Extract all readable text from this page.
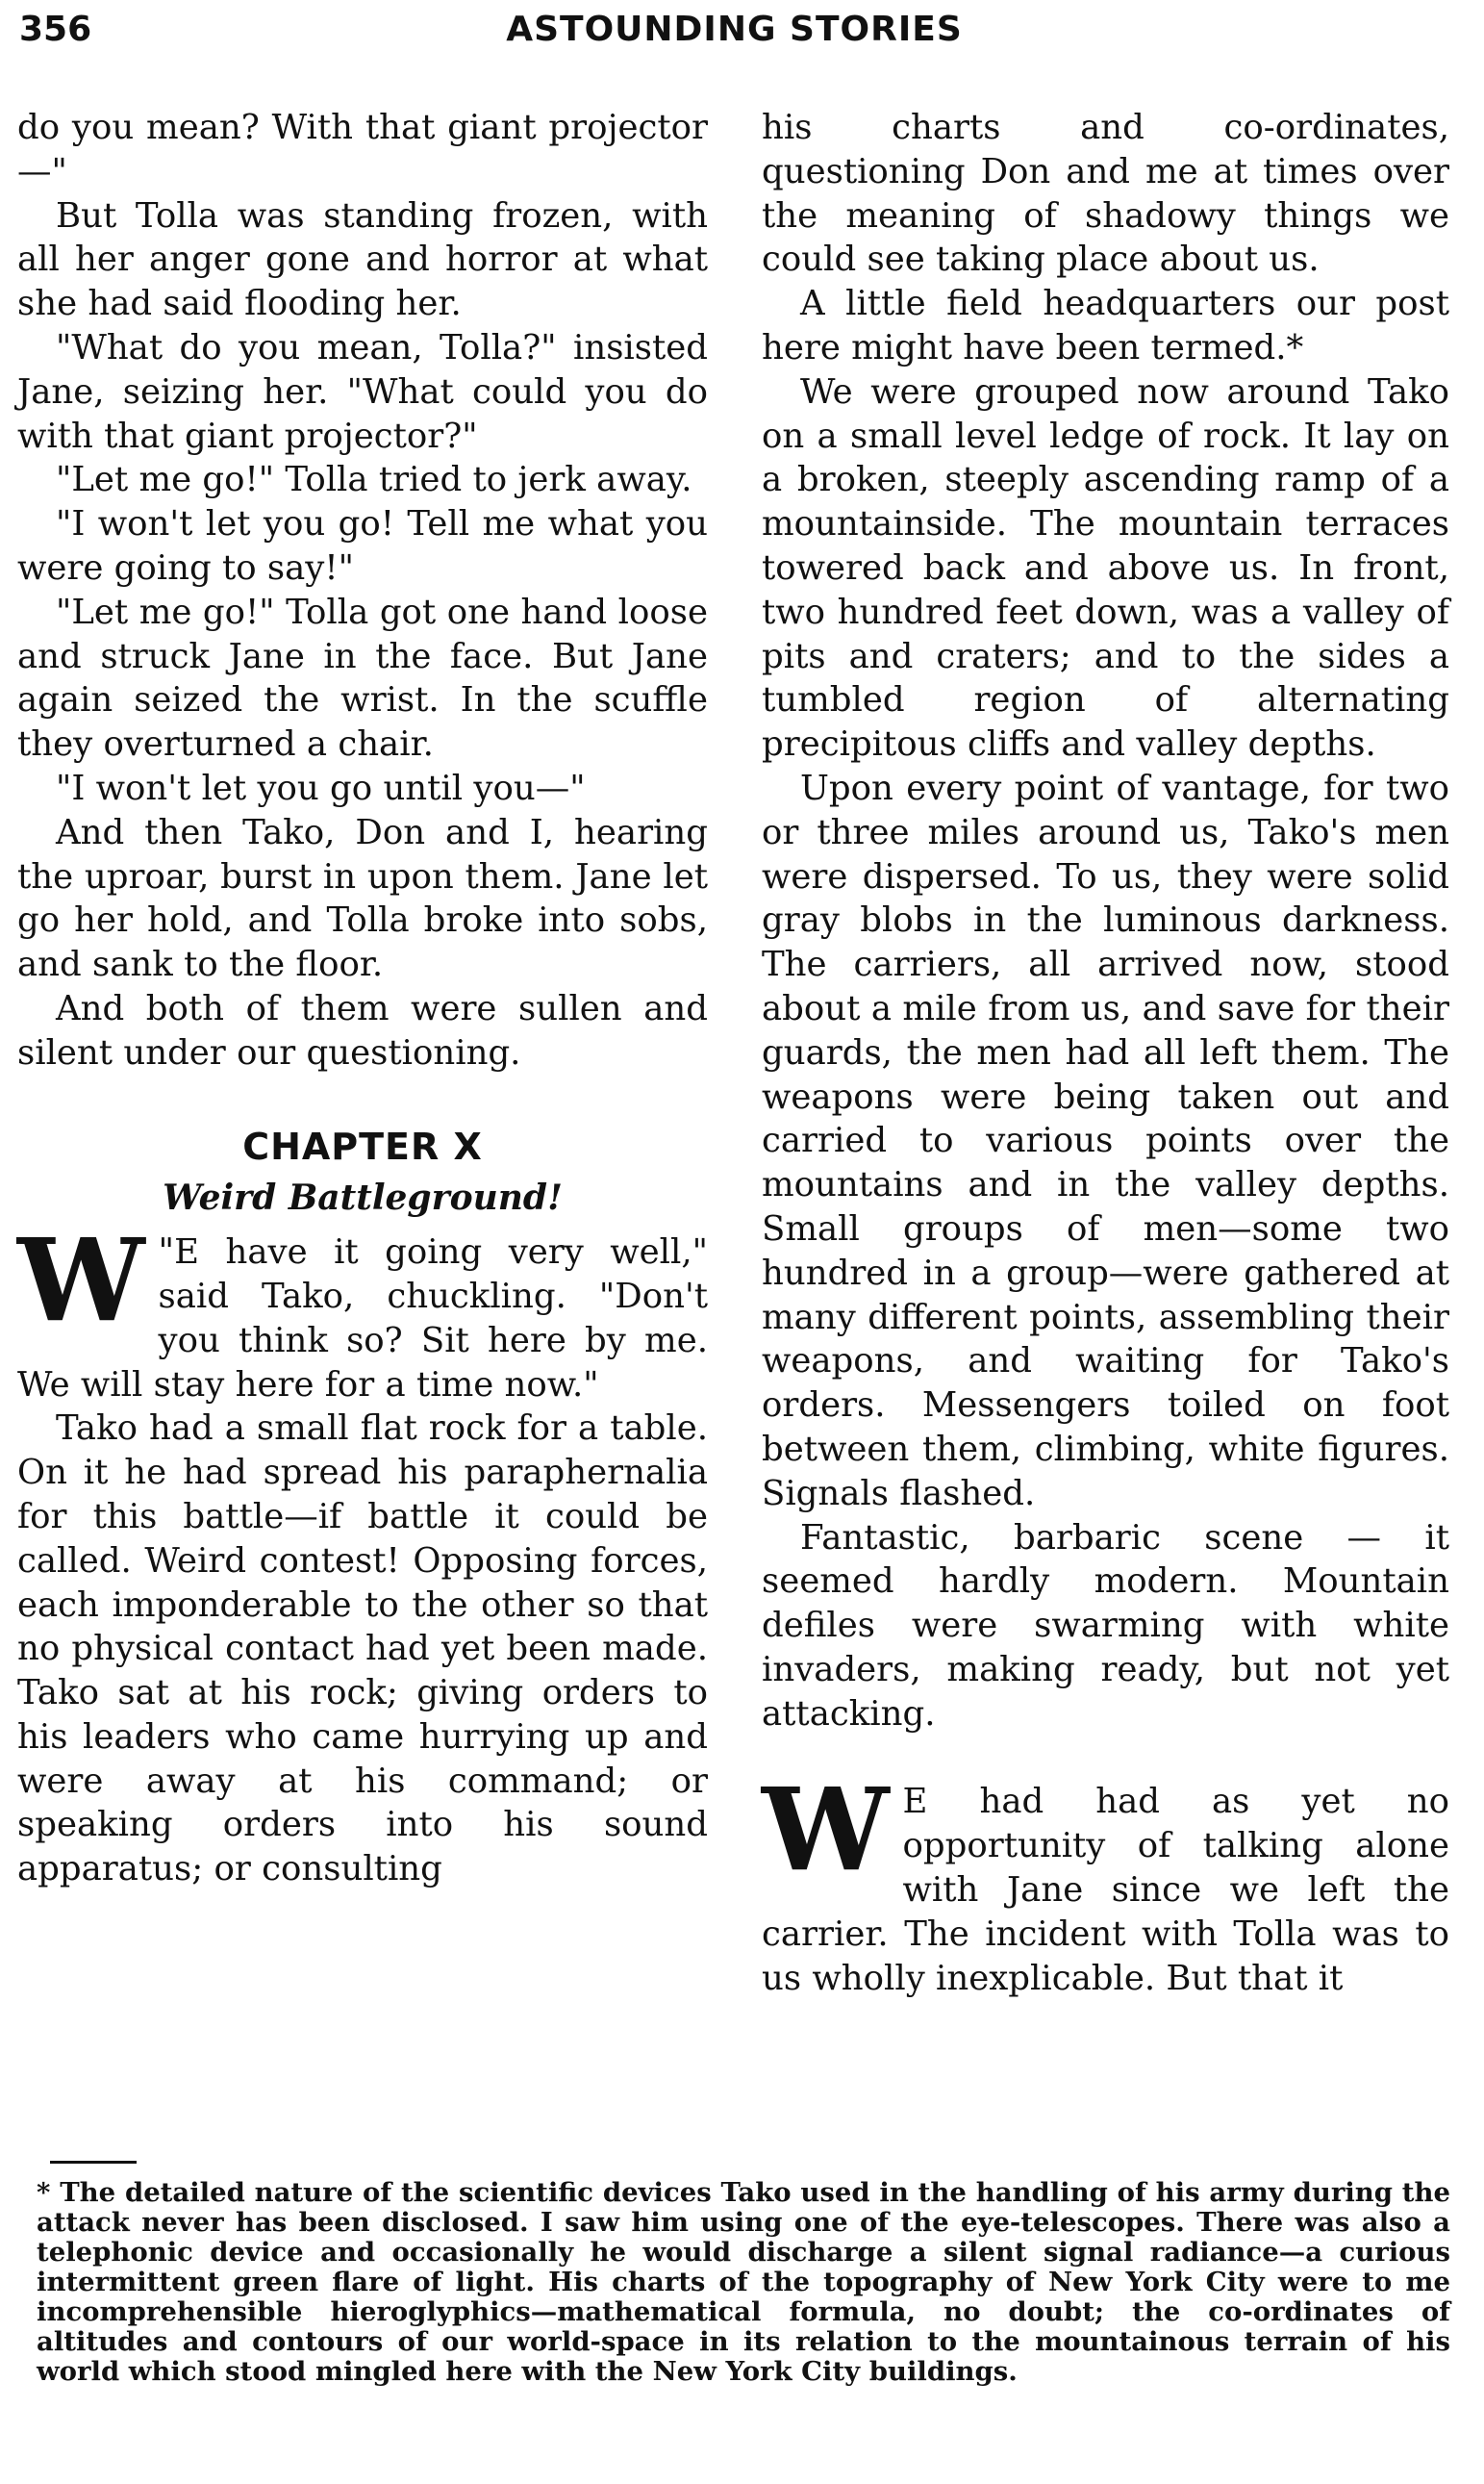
356	ASTOUNDING STORIES

do you mean? With that giant projector—"

But Tolla was standing frozen, with all her anger gone and horror at what she had said flooding her.

"What do you mean, Tolla?" insisted Jane, seizing her. "What could you do with that giant projector?"

"Let me go!" Tolla tried to jerk away.

"I won't let you go! Tell me what you were going to say!"

"Let me go!" Tolla got one hand loose and struck Jane in the face. But Jane again seized the wrist. In the scuffle they overturned a chair.

"I won't let you go until you—"

And then Tako, Don and I, hearing the uproar, burst in upon them. Jane let go her hold, and Tolla broke into sobs, and sank to the floor.

And both of them were sullen and silent under our questioning.

CHAPTER X
Weird Battleground!

"
W E have it going very well," said Tako, chuckling. "Don't you think so? Sit here by me. We will stay here for a time now."

Tako had a small flat rock for a table. On it he had spread his paraphernalia for this battle—if battle it could be called. Weird contest! Opposing forces, each imponderable to the other so that no physical contact had yet been made. Tako sat at his rock; giving orders to his leaders who came hurrying up and were away at his command; or speaking orders into his sound apparatus; or consulting

his charts and co-ordinates, questioning Don and me at times over the meaning of shadowy things we could see taking place about us.

A little field headquarters our post here might have been termed.*

We were grouped now around Tako on a small level ledge of rock. It lay on a broken, steeply ascending ramp of a mountainside. The mountain terraces towered back and above us. In front, two hundred feet down, was a valley of pits and craters; and to the sides a tumbled region of alternating precipitous cliffs and valley depths.

Upon every point of vantage, for two or three miles around us, Tako's men were dispersed. To us, they were solid gray blobs in the luminous darkness. The carriers, all arrived now, stood about a mile from us, and save for their guards, the men had all left them. The weapons were being taken out and carried to various points over the mountains and in the valley depths. Small groups of men—some two hundred in a group—were gathered at many different points, assembling their weapons, and waiting for Tako's orders. Messengers toiled on foot between them, climbing, white figures. Signals flashed.

Fantastic, barbaric scene — it seemed hardly modern. Mountain defiles were swarming with white invaders, making ready, but not yet attacking.

W E had had as yet no opportunity of talking alone with Jane since we left the carrier. The incident with Tolla was to us wholly inexplicable. But that it

* The detailed nature of the scientific devices Tako used in the handling of his army during the attack never has been disclosed. I saw him using one of the eye-telescopes. There was also a telephonic device and occasionally he would discharge a silent signal radiance—a curious intermittent green flare of light. His charts of the topography of New York City were to me incomprehensible hieroglyphics—mathematical formula, no doubt; the co-ordinates of altitudes and contours of our world-space in its relation to the mountainous terrain of his world which stood mingled here with the New York City buildings.
